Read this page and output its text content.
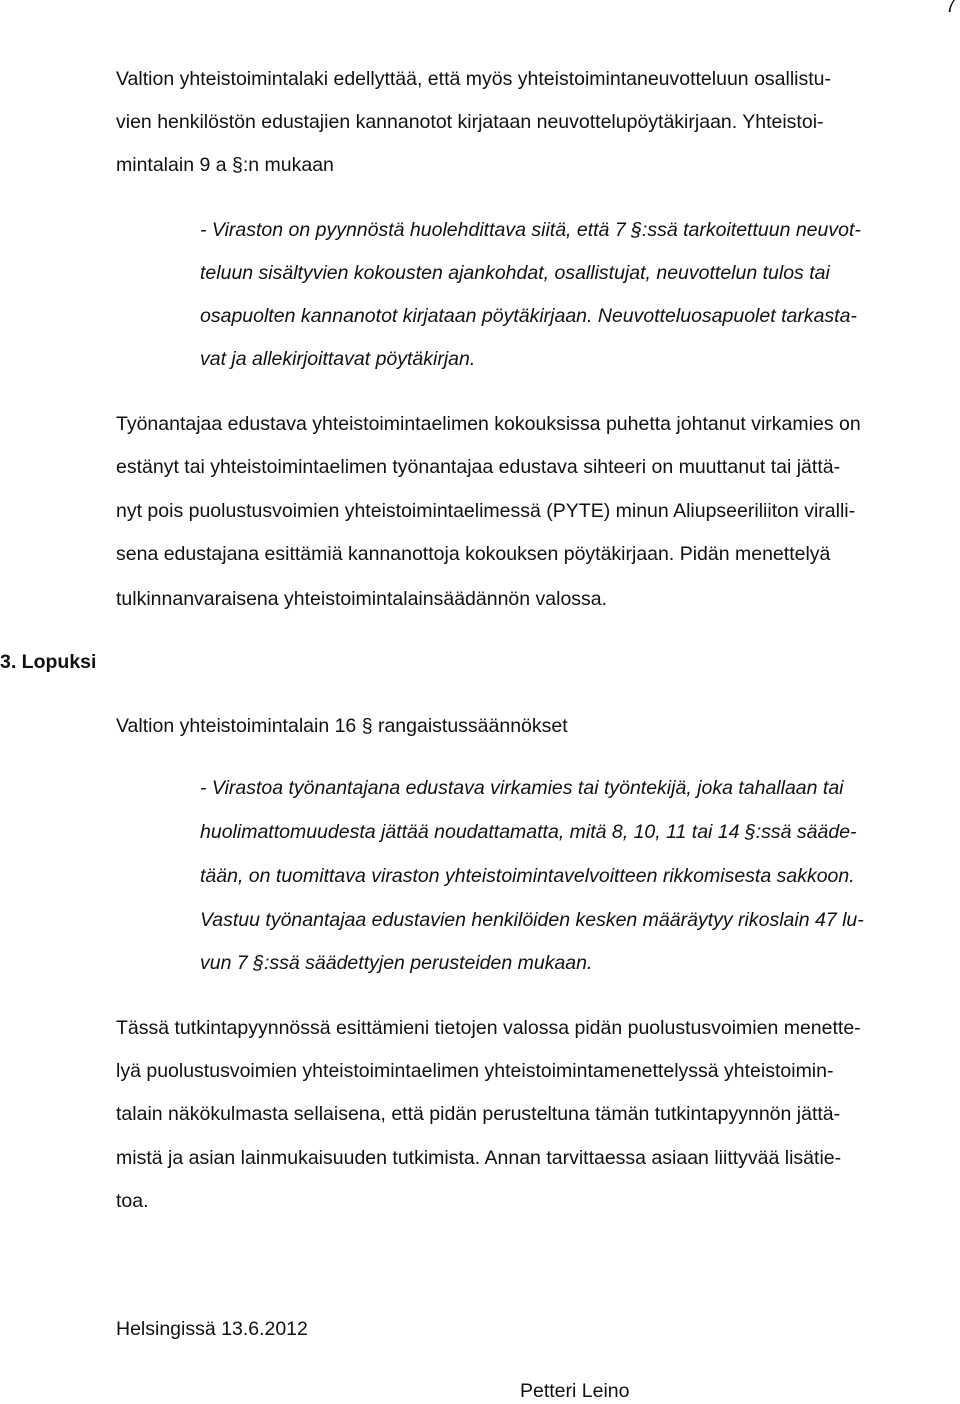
7
Valtion yhteistoimintalaki edellyttää, että myös yhteistoimintaneuvotteluun osallistu-
vien henkilöstön edustajien kannanotot kirjataan neuvottelupöytäkirjaan. Yhteistoi-
mintalain 9 a §:n mukaan
- Viraston on pyynnöstä huolehdittava siitä, että 7 §:ssä tarkoitettuun neuvot-
teluun sisältyvien kokousten ajankohdat, osallistujat, neuvottelun tulos tai
osapuolten kannanotot kirjataan pöytäkirjaan. Neuvotteluosapuolet tarkasta-
vat ja allekirjoittavat pöytäkirjan.
Työnantajaa edustava yhteistoimintaelimen kokouksissa puhetta johtanut virkamies on
estänyt tai yhteistoimintaelimen työnantajaa edustava sihteeri on muuttanut tai jättä-
nyt pois puolustusvoimien yhteistoimintaelimessä (PYTE) minun Aliupseeriliiton viralli-
sena edustajana esittämiä kannanottoja kokouksen pöytäkirjaan. Pidän menettelyä
tulkinnanvaraisena yhteistoimintalainsäädännön valossa.
3. Lopuksi
Valtion yhteistoimintalain 16 § rangaistussäännökset
- Virastoa työnantajana edustava virkamies tai työntekijä, joka tahallaan tai
huolimattomuudesta jättää noudattamatta, mitä 8, 10, 11 tai 14 §:ssä sääde-
tään, on tuomittava viraston yhteistoimintavelvoitteen rikkomisesta sakkoon.
Vastuu työnantajaa edustavien henkilöiden kesken määräytyy rikoslain 47 lu-
vun 7 §:ssä säädettyjen perusteiden mukaan.
Tässä tutkintapyynnössä esittämieni tietojen valossa pidän puolustusvoimien menette-
lyä puolustusvoimien yhteistoimintaelimen yhteistoimintamenettelyssä yhteistoimin-
talain näkökulmasta sellaisena, että pidän perusteltuna tämän tutkintapyynnön jättä-
mistä ja asian lainmukaisuuden tutkimista. Annan tarvittaessa asiaan liittyvää lisätie-
toa.
Helsingissä 13.6.2012
Petteri Leino
